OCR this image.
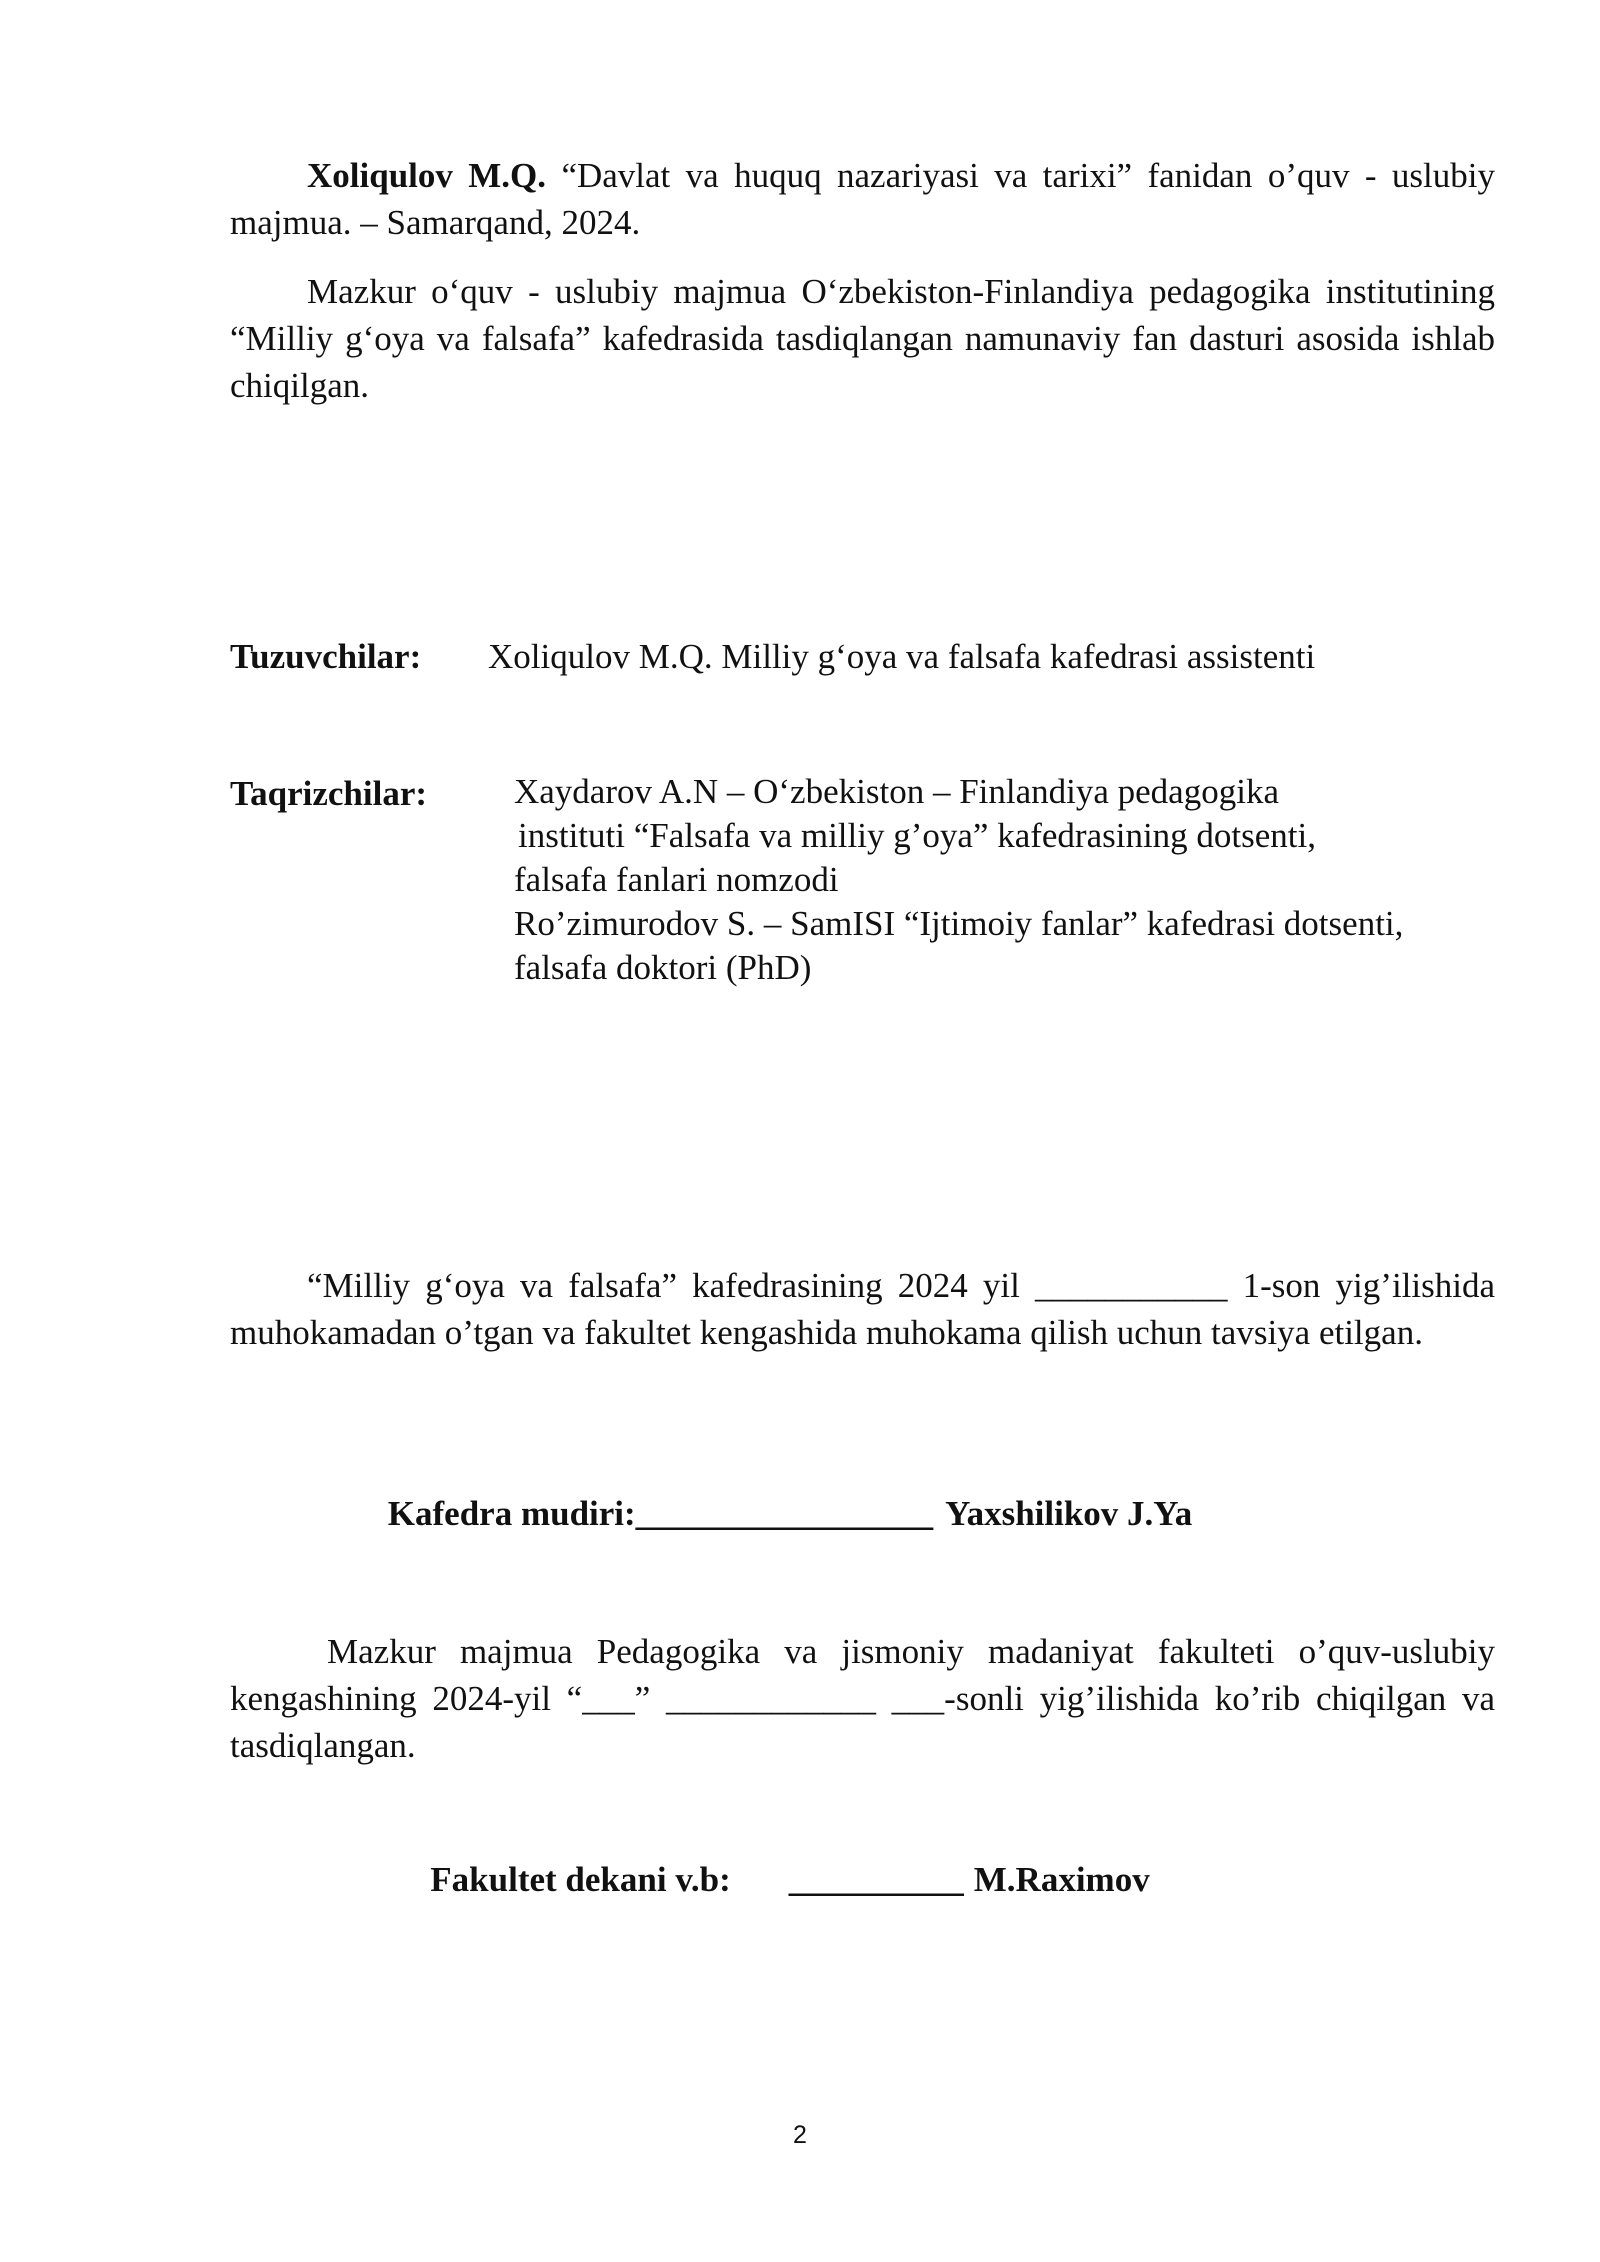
Xoliqulov M.Q. “Davlat va huquq nazariyasi va tarixi” fanidan o’quv - uslubiy majmua. – Samarqand, 2024.
Mazkur o‘quv - uslubiy majmua O‘zbekiston-Finlandiya pedagogika institutining “Milliy g‘oya va falsafa” kafedrasida tasdiqlangan namunaviy fan dasturi asosida ishlab chiqilgan.
Tuzuvchilar: Xoliqulov M.Q. Milliy g‘oya va falsafa kafedrasi assistenti
Taqrizchilar: Xaydarov A.N – O‘zbekiston – Finlandiya pedagogika
instituti “Falsafa va milliy g’oya” kafedrasining dotsenti,
falsafa fanlari nomzodi
Ro’zimurodov S. – SamISI “Ijtimoiy fanlar” kafedrasi dotsenti,
falsafa doktori (PhD)
“Milliy g‘oya va falsafa” kafedrasining 2024 yil ___________ 1-son yig’ilishida muhokamadan o’tgan va fakultet kengashida muhokama qilish uchun tavsiya etilgan.
Kafedra mudiri:_________________ Yaxshilikov J.Ya
Mazkur majmua Pedagogika va jismoniy madaniyat fakulteti o’quv-uslubiy kengashining 2024-yil “___” ____________ ___-sonli yig’ilishida ko’rib chiqilgan va tasdiqlangan.
Fakultet dekani v.b: __________ M.Raximov
2
